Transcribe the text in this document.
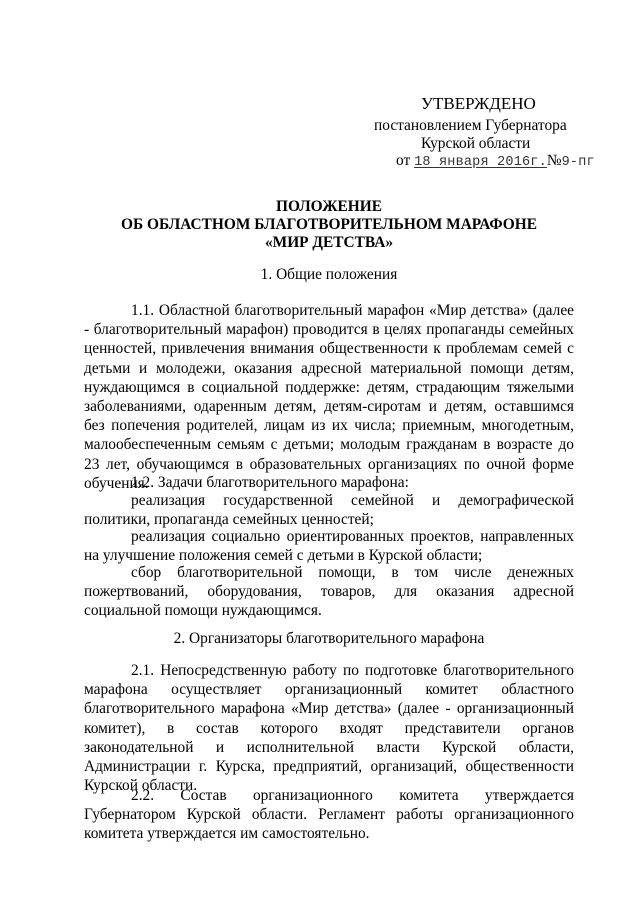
УТВЕРЖДЕНО
постановлением Губернатора
Курской области
от 18 января 2016г.№9-пг
ПОЛОЖЕНИЕ
ОБ ОБЛАСТНОМ БЛАГОТВОРИТЕЛЬНОМ МАРАФОНЕ
«МИР ДЕТСТВА»
1. Общие положения

1.1. Областной благотворительный марафон «Мир детства» (далее - благотворительный марафон) проводится в целях пропаганды семейных ценностей, привлечения внимания общественности к проблемам семей с детьми и молодежи, оказания адресной материальной помощи детям, нуждающимся в социальной поддержке: детям, страдающим тяжелыми заболеваниями, одаренным детям, детям-сиротам и детям, оставшимся без попечения родителей, лицам из их числа; приемным, многодетным, малообеспеченным семьям с детьми; молодым гражданам в возрасте до 23 лет, обучающимся в образовательных организациях по очной форме обучения.

1.2. Задачи благотворительного марафона:

реализация государственной семейной и демографической политики, пропаганда семейных ценностей;

реализация социально ориентированных проектов, направленных на улучшение положения семей с детьми в Курской области;

сбор благотворительной помощи, в том числе денежных пожертвований, оборудования, товаров, для оказания адресной социальной помощи нуждающимся.

2. Организаторы благотворительного марафона

2.1. Непосредственную работу по подготовке благотворительного марафона осуществляет организационный комитет областного благотворительного марафона «Мир детства» (далее - организационный комитет), в состав которого входят представители органов законодательной и исполнительной власти Курской области, Администрации г. Курска, предприятий, организаций, общественности Курской области.

2.2. Состав организационного комитета утверждается Губернатором Курской области. Регламент работы организационного комитета утверждается им самостоятельно.
